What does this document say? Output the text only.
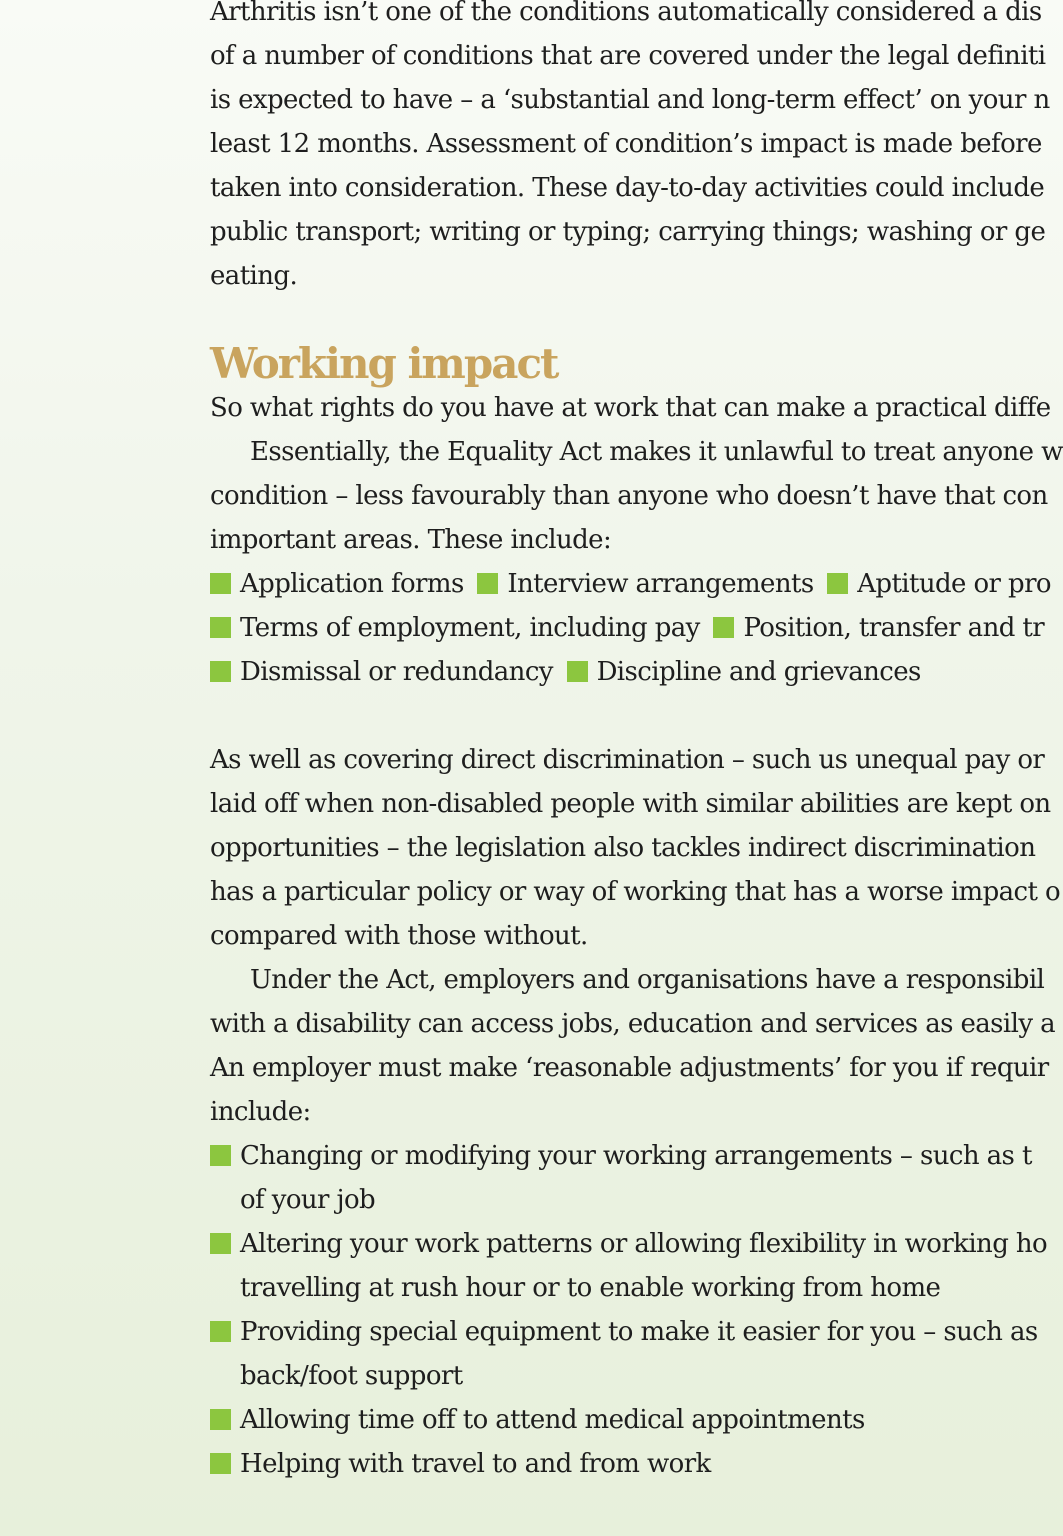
Arthritis isn’t one of the conditions automatically considered a dis
of a number of conditions that are covered under the legal definiti
is expected to have – a ‘substantial and long-term effect’ on your n
least 12 months. Assessment of condition’s impact is made before
taken into consideration. These day-to-day activities could include
public transport; writing or typing; carrying things; washing or ge
eating.
Working impact
So what rights do you have at work that can make a practical diffe
Essentially, the Equality Act makes it unlawful to treat anyone w
condition – less favourably than anyone who doesn’t have that con
important areas. These include:
Application forms Interview arrangements Aptitude or pro
Terms of employment, including pay Position, transfer and tr
Dismissal or redundancy Discipline and grievances
As well as covering direct discrimination – such us unequal pay or
laid off when non-disabled people with similar abilities are kept on
opportunities – the legislation also tackles indirect discrimination
has a particular policy or way of working that has a worse impact o
compared with those without.
Under the Act, employers and organisations have a responsibil
with a disability can access jobs, education and services as easily a
An employer must make ‘reasonable adjustments’ for you if requir
include:
Changing or modifying your working arrangements – such as t
of your job
Altering your work patterns or allowing flexibility in working ho
travelling at rush hour or to enable working from home
Providing special equipment to make it easier for you – such as
back/foot support
Allowing time off to attend medical appointments
Helping with travel to and from work
